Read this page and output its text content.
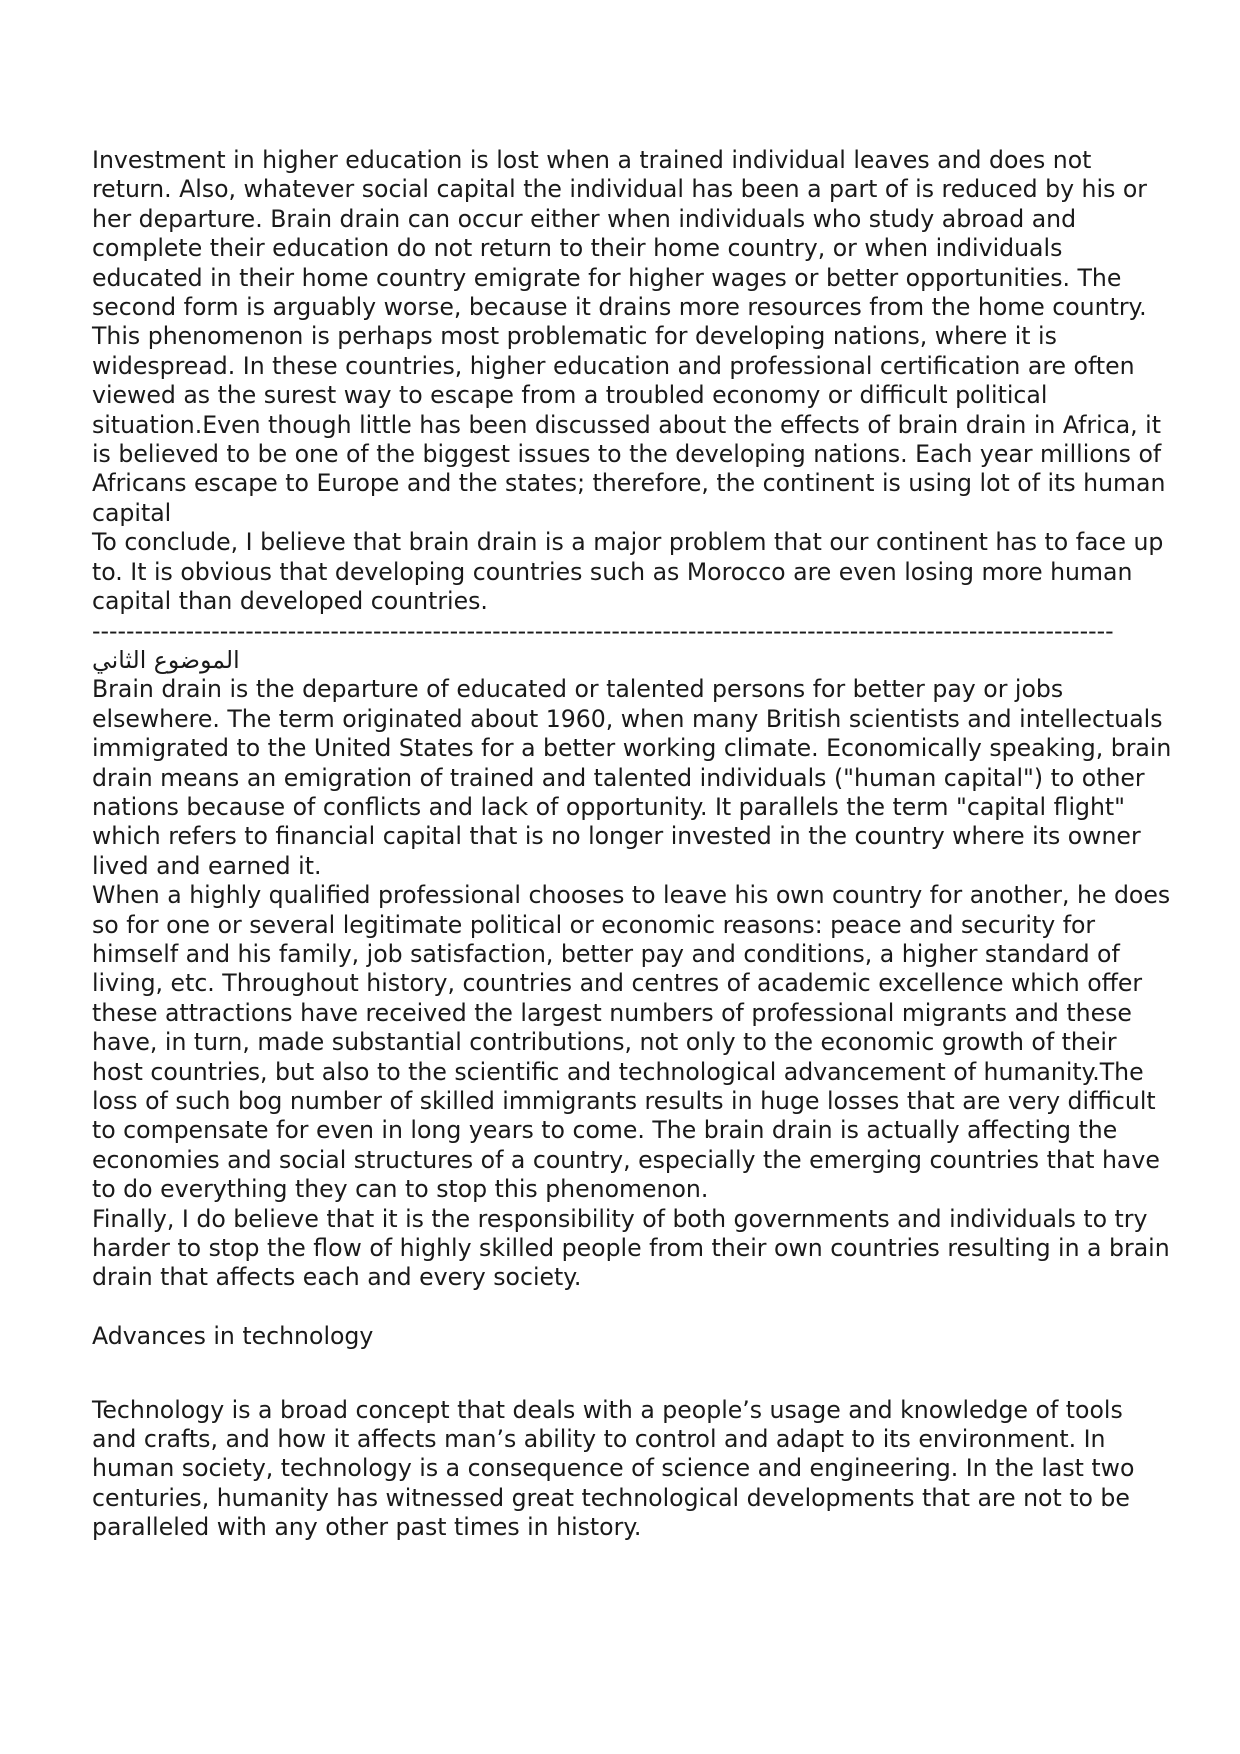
Investment in higher education is lost when a trained individual leaves and does not return. Also, whatever social capital the individual has been a part of is reduced by his or her departure. Brain drain can occur either when individuals who study abroad and complete their education do not return to their home country, or when individuals educated in their home country emigrate for higher wages or better opportunities. The second form is arguably worse, because it drains more resources from the home country.

This phenomenon is perhaps most problematic for developing nations, where it is widespread. In these countries, higher education and professional certification are often viewed as the surest way to escape from a troubled economy or difficult political situation.Even though little has been discussed about the effects of brain drain in Africa, it is believed to be one of the biggest issues to the developing nations. Each year millions of Africans escape to Europe and the states; therefore, the continent is using lot of its human capital

To conclude, I believe that brain drain is a major problem that our continent has to face up to. It is obvious that developing countries such as Morocco are even losing more human capital than developed countries.

------------------------------------------------------------------------------------------------------------------------

الموضوع الثاني

Brain drain is the departure of educated or talented persons for better pay or jobs elsewhere. The term originated about 1960, when many British scientists and intellectuals immigrated to the United States for a better working climate. Economically speaking, brain drain means an emigration of trained and talented individuals ("human capital") to other nations because of conflicts and lack of opportunity. It parallels the term "capital flight" which refers to financial capital that is no longer invested in the country where its owner lived and earned it.

When a highly qualified professional chooses to leave his own country for another, he does so for one or several legitimate political or economic reasons: peace and security for himself and his family, job satisfaction, better pay and conditions, a higher standard of living, etc. Throughout history, countries and centres of academic excellence which offer these attractions have received the largest numbers of professional migrants and these have, in turn, made substantial contributions, not only to the economic growth of their host countries, but also to the scientific and technological advancement of humanity.The loss of such bog number of skilled immigrants results in huge losses that are very difficult to compensate for even in long years to come. The brain drain is actually affecting the economies and social structures of a country, especially the emerging countries that have to do everything they can to stop this phenomenon.

Finally, I do believe that it is the responsibility of both governments and individuals to try harder to stop the flow of highly skilled people from their own countries resulting in a brain drain that affects each and every society.

Advances in technology

Technology is a broad concept that deals with a people’s usage and knowledge of tools and crafts, and how it affects man’s ability to control and adapt to its environment. In human society, technology is a consequence of science and engineering. In the last two centuries, humanity has witnessed great technological developments that are not to be paralleled with any other past times in history.
